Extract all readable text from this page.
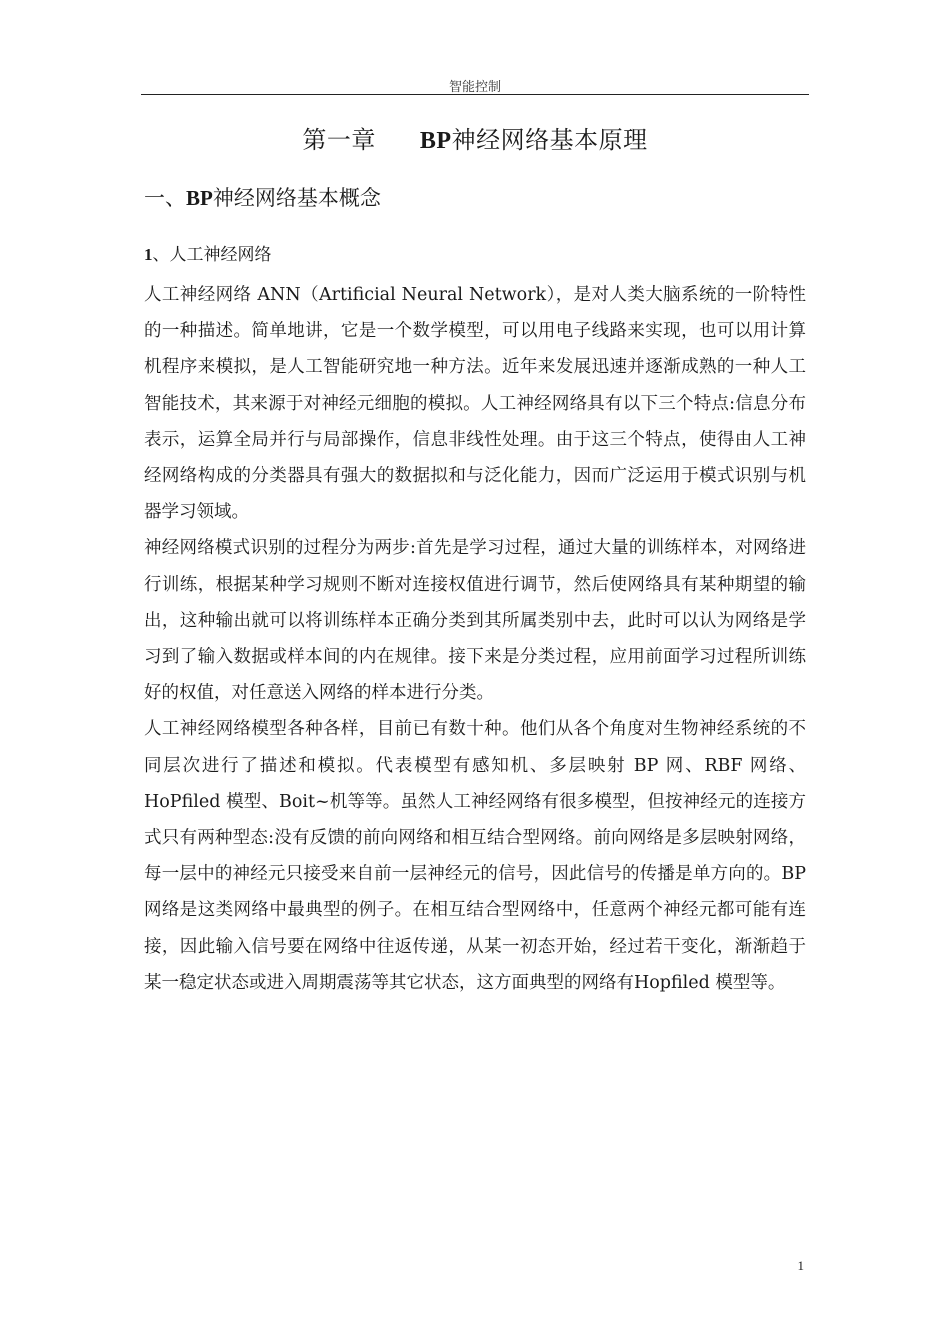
智能控制
第一章 BP神经网络基本原理
一、BP神经网络基本概念
1、人工神经网络

人工神经网络 ANN（Artificial Neural Network），是对人类大脑系统的一阶特性的一种描述。简单地讲，它是一个数学模型，可以用电子线路来实现，也可以用计算机程序来模拟，是人工智能研究地一种方法。近年来发展迅速并逐渐成熟的一种人工智能技术，其来源于对神经元细胞的模拟。人工神经网络具有以下三个特点:信息分布表示，运算全局并行与局部操作，信息非线性处理。由于这三个特点，使得由人工神经网络构成的分类器具有强大的数据拟和与泛化能力，因而广泛运用于模式识别与机器学习领域。

神经网络模式识别的过程分为两步:首先是学习过程，通过大量的训练样本，对网络进行训练，根据某种学习规则不断对连接权值进行调节，然后使网络具有某种期望的输出，这种输出就可以将训练样本正确分类到其所属类别中去，此时可以认为网络是学习到了输入数据或样本间的内在规律。接下来是分类过程，应用前面学习过程所训练好的权值，对任意送入网络的样本进行分类。

人工神经网络模型各种各样，目前已有数十种。他们从各个角度对生物神经系统的不同层次进行了描述和模拟。代表模型有感知机、多层映射 BP 网、RBF 网络、HoPfiled 模型、Boit~机等等。虽然人工神经网络有很多模型，但按神经元的连接方式只有两种型态:没有反馈的前向网络和相互结合型网络。前向网络是多层映射网络，每一层中的神经元只接受来自前一层神经元的信号，因此信号的传播是单方向的。BP 网络是这类网络中最典型的例子。在相互结合型网络中，任意两个神经元都可能有连接，因此输入信号要在网络中往返传递，从某一初态开始，经过若干变化，渐渐趋于某一稳定状态或进入周期震荡等其它状态，这方面典型的网络有Hopfiled 模型等。

1
